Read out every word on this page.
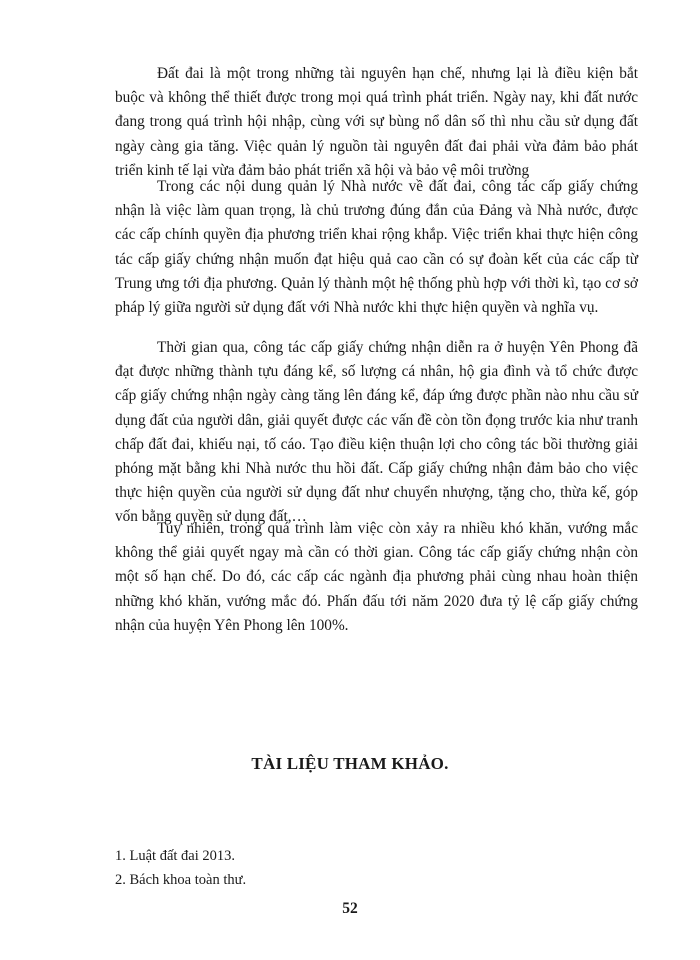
Đất đai là một trong những tài nguyên hạn chế, nhưng lại là điều kiện bắt buộc và không thể thiết được trong mọi quá trình phát triển. Ngày nay, khi đất nước đang trong quá trình hội nhập, cùng với sự bùng nổ dân số thì nhu cầu sử dụng đất ngày càng gia tăng. Việc quản lý nguồn tài nguyên đất đai phải vừa đảm bảo phát triển kinh tế lại vừa đảm bảo phát triển xã hội và bảo vệ môi trường

Trong các nội dung quản lý Nhà nước về đất đai, công tác cấp giấy chứng nhận là việc làm quan trọng, là chủ trương đúng đắn của Đảng và Nhà nước, được các cấp chính quyền địa phương triển khai rộng khắp. Việc triển khai thực hiện công tác cấp giấy chứng nhận muốn đạt hiệu quả cao cần có sự đoàn kết của các cấp từ Trung ưng tới địa phương. Quản lý thành một hệ thống phù hợp với thời kì, tạo cơ sở pháp lý giữa người sử dụng đất với Nhà nước khi thực hiện quyền và nghĩa vụ.

Thời gian qua, công tác cấp giấy chứng nhận diễn ra ở huyện Yên Phong đã đạt được những thành tựu đáng kể, số lượng cá nhân, hộ gia đình và tổ chức được cấp giấy chứng nhận ngày càng tăng lên đáng kể, đáp ứng được phần nào nhu cầu sử dụng đất của người dân, giải quyết được các vấn đề còn tồn đọng trước kia như tranh chấp đất đai, khiếu nại, tố cáo. Tạo điều kiện thuận lợi cho công tác bồi thường giải phóng mặt bằng khi Nhà nước thu hồi đất. Cấp giấy chứng nhận đảm bảo cho việc thực hiện quyền của người sử dụng đất như chuyển nhượng, tặng cho, thừa kế, góp vốn bằng quyền sử dụng đất,…

Tuy nhiên, trong quá trình làm việc còn xảy ra nhiều khó khăn, vướng mắc không thể giải quyết ngay mà cần có thời gian. Công tác cấp giấy chứng nhận còn một số hạn chế. Do đó, các cấp các ngành địa phương phải cùng nhau hoàn thiện những khó khăn, vướng mắc đó. Phấn đấu tới năm 2020 đưa tỷ lệ cấp giấy chứng nhận của huyện Yên Phong lên 100%.

TÀI LIỆU THAM KHẢO.
1. Luật đất đai 2013.
2. Bách khoa toàn thư.
52
